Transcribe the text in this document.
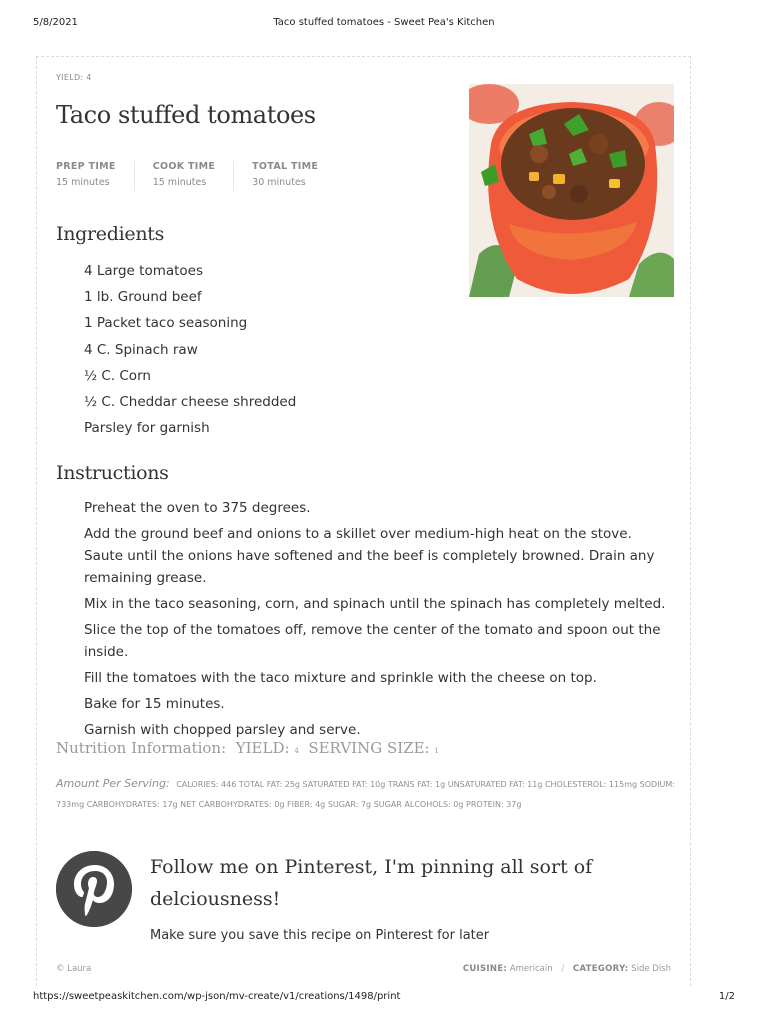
5/8/2021	Taco stuffed tomatoes - Sweet Pea's Kitchen
YIELD: 4
Taco stuffed tomatoes
PREP TIME
15 minutes
COOK TIME
15 minutes
TOTAL TIME
30 minutes
Ingredients
4 Large tomatoes
1 lb. Ground beef
1 Packet taco seasoning
4 C. Spinach raw
½ C. Corn
½ C. Cheddar cheese shredded
Parsley for garnish
Instructions
Preheat the oven to 375 degrees.
Add the ground beef and onions to a skillet over medium-high heat on the stove. Saute until the onions have softened and the beef is completely browned. Drain any remaining grease.
Mix in the taco seasoning, corn, and spinach until the spinach has completely melted.
Slice the top of the tomatoes off, remove the center of the tomato and spoon out the inside.
Fill the tomatoes with the taco mixture and sprinkle with the cheese on top.
Bake for 15 minutes.
Garnish with chopped parsley and serve.
Nutrition Information: YIELD: 4 SERVING SIZE: 1
Amount Per Serving: CALORIES: 446 TOTAL FAT: 25g SATURATED FAT: 10g TRANS FAT: 1g UNSATURATED FAT: 11g CHOLESTEROL: 115mg SODIUM: 733mg CARBOHYDRATES: 17g NET CARBOHYDRATES: 0g FIBER: 4g SUGAR: 7g SUGAR ALCOHOLS: 0g PROTEIN: 37g
Follow me on Pinterest, I'm pinning all sort of delciousness!
Make sure you save this recipe on Pinterest for later
© Laura	CUISINE: Americain / CATEGORY: Side Dish
https://sweetpeaskitchen.com/wp-json/mv-create/v1/creations/1498/print	1/2
